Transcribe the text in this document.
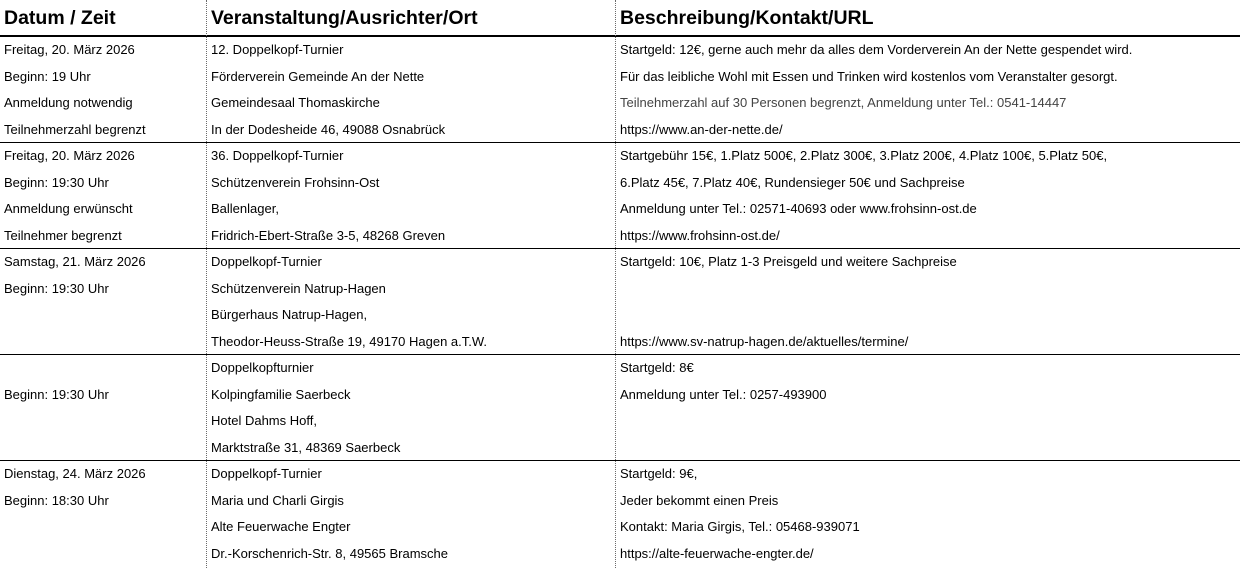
Datum / Zeit	Veranstaltung/Ausrichter/Ort	Beschreibung/Kontakt/URL
Freitag, 20. März 2026
Beginn: 19 Uhr
Anmeldung notwendig
Teilnehmerzahl begrenzt
12. Doppelkopf-Turnier
Förderverein Gemeinde An der Nette
Gemeindesaal Thomaskirche
In der Dodesheide 46, 49088 Osnabrück
Startgeld: 12€, gerne auch mehr da alles dem Vorderverein An der Nette gespendet wird.
Für das leibliche Wohl mit Essen und Trinken wird kostenlos vom Veranstalter gesorgt.
Teilnehmerzahl auf 30 Personen begrenzt, Anmeldung unter Tel.: 0541-14447
https://www.an-der-nette.de/
Freitag, 20. März 2026
Beginn: 19:30 Uhr
Anmeldung erwünscht
Teilnehmer begrenzt
36. Doppelkopf-Turnier
Schützenverein Frohsinn-Ost
Ballenlager,
Fridrich-Ebert-Straße 3-5, 48268 Greven
Startgebühr 15€, 1.Platz 500€, 2.Platz 300€, 3.Platz 200€, 4.Platz 100€, 5.Platz 50€,
6.Platz 45€, 7.Platz 40€, Rundensieger 50€ und Sachpreise
Anmeldung unter Tel.: 02571-40693 oder www.frohsinn-ost.de
https://www.frohsinn-ost.de/
Samstag, 21. März 2026
Beginn: 19:30 Uhr
Doppelkopf-Turnier
Schützenverein Natrup-Hagen
Bürgerhaus Natrup-Hagen,
Theodor-Heuss-Straße 19, 49170 Hagen a.T.W.
Startgeld: 10€, Platz 1-3 Preisgeld und weitere Sachpreise
https://www.sv-natrup-hagen.de/aktuelles/termine/
Beginn: 19:30 Uhr
Doppelkopfturnier
Kolpingfamilie Saerbeck
Hotel Dahms Hoff,
Marktstraße 31, 48369 Saerbeck
Startgeld: 8€
Anmeldung unter Tel.: 0257-493900
Dienstag, 24. März 2026
Beginn: 18:30 Uhr
Doppelkopf-Turnier
Maria und Charli Girgis
Alte Feuerwache Engter
Dr.-Korschenrich-Str. 8, 49565 Bramsche
Startgeld: 9€,
Jeder bekommt einen Preis
Kontakt: Maria Girgis, Tel.: 05468-939071
https://alte-feuerwache-engter.de/
